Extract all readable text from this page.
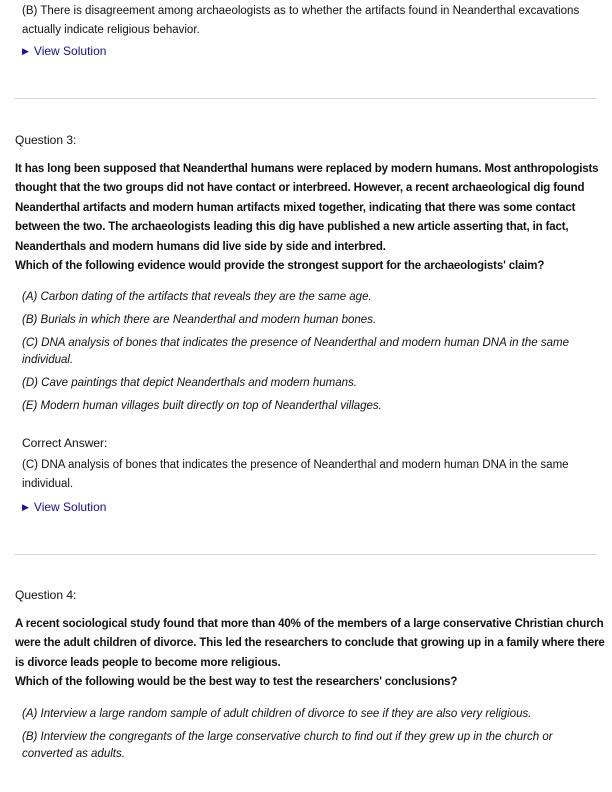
(B) There is disagreement among archaeologists as to whether the artifacts found in Neanderthal excavations actually indicate religious behavior.
▶ View Solution
Question 3:

It has long been supposed that Neanderthal humans were replaced by modern humans. Most anthropologists thought that the two groups did not have contact or interbreed. However, a recent archaeological dig found Neanderthal artifacts and modern human artifacts mixed together, indicating that there was some contact between the two. The archaeologists leading this dig have published a new article asserting that, in fact, Neanderthals and modern humans did live side by side and interbred.

Which of the following evidence would provide the strongest support for the archaeologists' claim?

(A) Carbon dating of the artifacts that reveals they are the same age.
(B) Burials in which there are Neanderthal and modern human bones.
(C) DNA analysis of bones that indicates the presence of Neanderthal and modern human DNA in the same individual.
(D) Cave paintings that depict Neanderthals and modern humans.
(E) Modern human villages built directly on top of Neanderthal villages.
Correct Answer:
(C) DNA analysis of bones that indicates the presence of Neanderthal and modern human DNA in the same individual.
▶ View Solution
Question 4:

A recent sociological study found that more than 40% of the members of a large conservative Christian church were the adult children of divorce. This led the researchers to conclude that growing up in a family where there is divorce leads people to become more religious.

Which of the following would be the best way to test the researchers' conclusions?

(A) Interview a large random sample of adult children of divorce to see if they are also very religious.
(B) Interview the congregants of the large conservative church to find out if they grew up in the church or converted as adults.
